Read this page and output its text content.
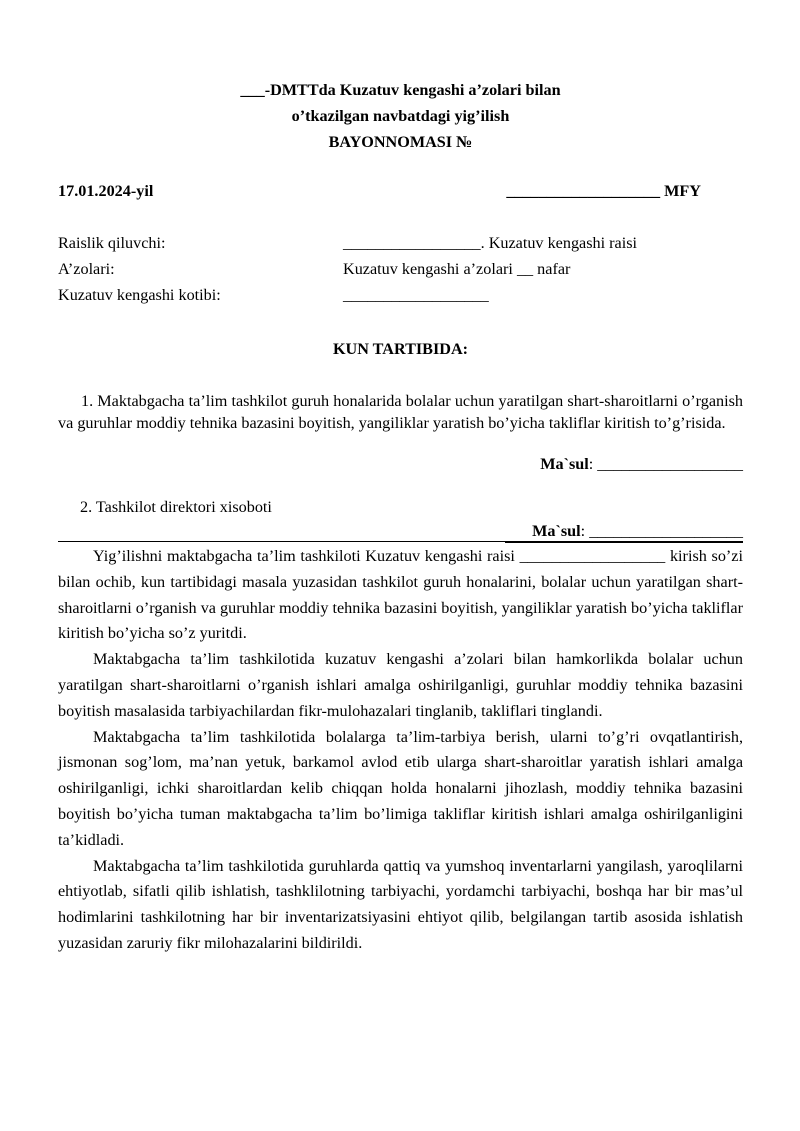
___-DMTTda Kuzatuv kengashi a’zolari bilan
o’tkazilgan navbatdagi yig’ilish
BAYONNOMASI №
17.01.2024-yil	___________________ MFY
Raislik qiluvchi:	_________________. Kuzatuv kengashi raisi
A’zolari:	Kuzatuv kengashi a’zolari __ nafar
Kuzatuv kengashi kotibi:	__________________
KUN TARTIBIDA:
1. Maktabgacha ta’lim tashkilot guruh honalarida bolalar uchun yaratilgan shart-sharoitlarni o’rganish va guruhlar moddiy tehnika bazasini boyitish, yangiliklar yaratish bo’yicha takliflar kiritish to’g’risida.
Ma`sul: __________________
2. Tashkilot direktori xisoboti
Ma`sul: ___________________

Yig’ilishni maktabgacha ta’lim tashkiloti Kuzatuv kengashi raisi __________________ kirish so’zi bilan ochib, kun tartibidagi masala yuzasidan tashkilot guruh honalarini, bolalar uchun yaratilgan shart-sharoitlarni o’rganish va guruhlar moddiy tehnika bazasini boyitish, yangiliklar yaratish bo’yicha takliflar kiritish bo’yicha so’z yuritdi.

Maktabgacha ta’lim tashkilotida kuzatuv kengashi a’zolari bilan hamkorlikda bolalar uchun yaratilgan shart-sharoitlarni o’rganish ishlari amalga oshirilganligi, guruhlar moddiy tehnika bazasini boyitish masalasida tarbiyachilardan fikr-mulohazalari tinglanib, takliflari tinglandi.

Maktabgacha ta’lim tashkilotida bolalarga ta’lim-tarbiya berish, ularni to’g’ri ovqatlantirish, jismonan sog’lom, ma’nan yetuk, barkamol avlod etib ularga shart-sharoitlar yaratish ishlari amalga oshirilganligi, ichki sharoitlardan kelib chiqqan holda honalarni jihozlash, moddiy tehnika bazasini boyitish bo’yicha tuman maktabgacha ta’lim bo’limiga takliflar kiritish ishlari amalga oshirilganligini ta’kidladi.

Maktabgacha ta’lim tashkilotida guruhlarda qattiq va yumshoq inventarlarni yangilash, yaroqlilarni ehtiyotlab, sifatli qilib ishlatish, tashklilotning tarbiyachi, yordamchi tarbiyachi, boshqa har bir mas’ul hodimlarini tashkilotning har bir inventarizatsiyasini ehtiyot qilib, belgilangan tartib asosida ishlatish yuzasidan zaruriy fikr milohazalarini bildirildi.
